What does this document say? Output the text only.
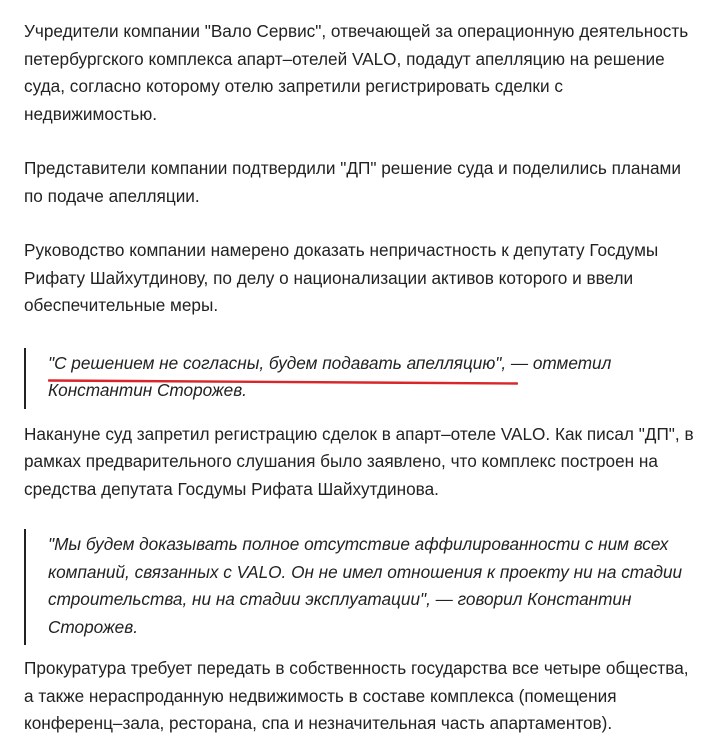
Учредители компании "Вало Сервис", отвечающей за операционную деятельность петербургского комплекса апарт–отелей VALO, подадут апелляцию на решение суда, согласно которому отелю запретили регистрировать сделки с недвижимостью.

Представители компании подтвердили "ДП" решение суда и поделились планами по подаче апелляции.

Руководство компании намерено доказать непричастность к депутату Госдумы Рифату Шайхутдинову, по делу о национализации активов которого и ввели обеспечительные меры.

"С решением не согласны, будем подавать апелляцию", — отметил Константин Сторожев.

Накануне суд запретил регистрацию сделок в апарт–отеле VALO. Как писал "ДП", в рамках предварительного слушания было заявлено, что комплекс построен на средства депутата Госдумы Рифата Шайхутдинова.

"Мы будем доказывать полное отсутствие аффилированности с ним всех компаний, связанных с VALO. Он не имел отношения к проекту ни на стадии строительства, ни на стадии эксплуатации", — говорил Константин Сторожев.

Прокуратура требует передать в собственность государства все четыре общества, а также нераспроданную недвижимость в составе комплекса (помещения конференц–зала, ресторана, спа и незначительная часть апартаментов).
